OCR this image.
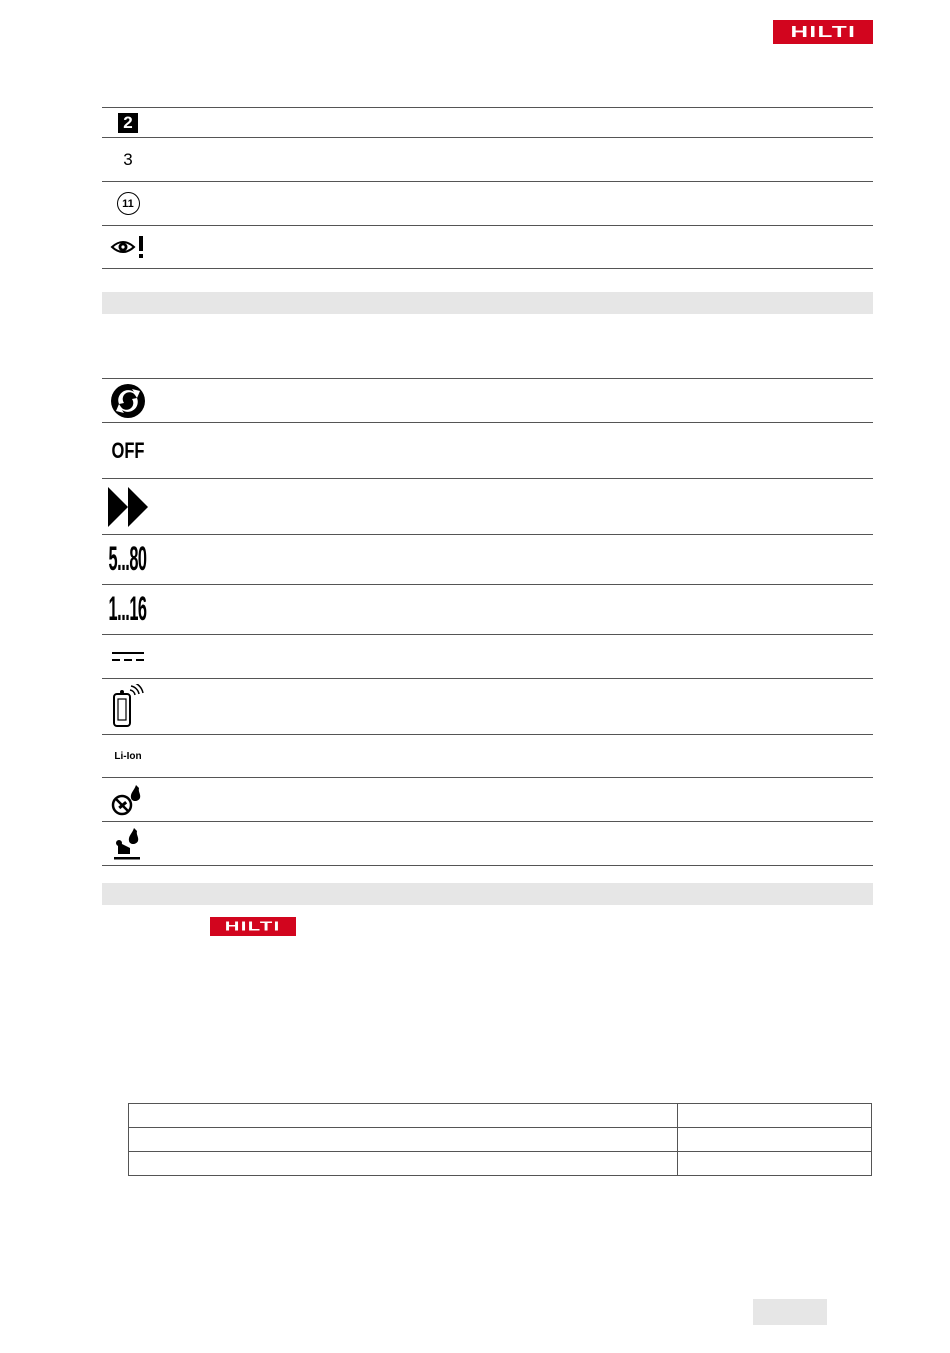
HILTI
2
3
11
OFF
5...80
1...16
Li-Ion
HILTI
